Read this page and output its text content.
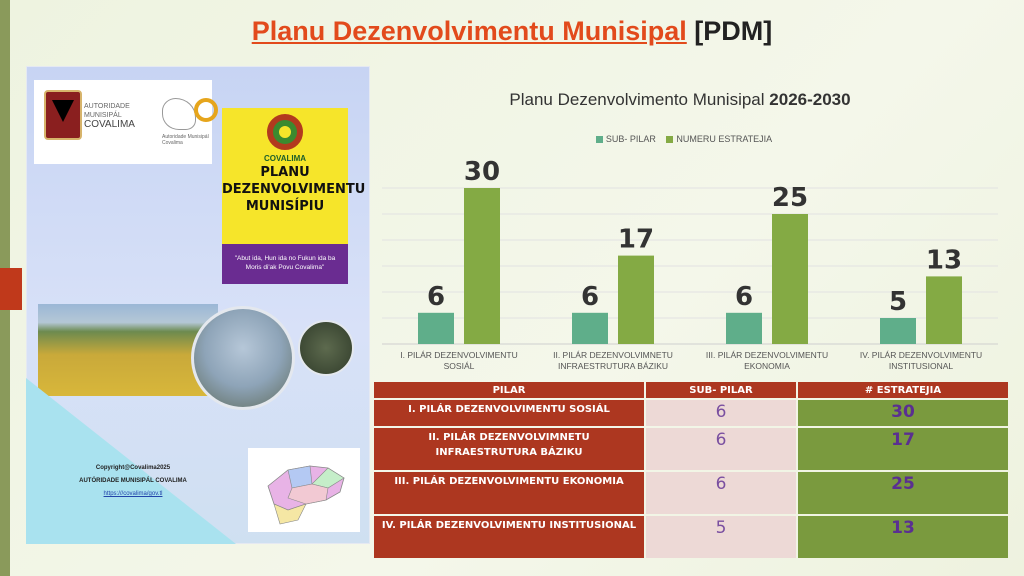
Planu Dezenvolvimentu Munisipal [PDM]
AUTORIDADE
MUNISIPÁL
COVALIMA
Autoridade Munisipál Covalima
COVALIMA
PLANU
DEZENVOLVIMENTU
MUNISÍPIU
"Abut ida, Hun ida no Fukun ida ba Moris di'ak Povu Covalima"
Copyright@Covalima2025
AUTÓRIDADE MUNISIPÁL COVALIMA
https:///covalima/gov.tl
Planu Dezenvolvimento Munisipal 2026-2030
SUB- PILAR NUMERU ESTRATEJIA
6
30
I. PILÁR DEZENVOLVIMENTU
SOSIÁL
6
17
II. PILÁR DEZENVOLVIMNETU
INFRAESTRUTURA BÁZIKU
6
25
III. PILÁR DEZENVOLVIMENTU
EKONOMIA
5
13
IV. PILÁR DEZENVOLVIMENTU
INSTITUSIONAL
PILAR	SUB- PILAR	# ESTRATEJIA
I. PILÁR DEZENVOLVIMENTU SOSIÁL	6	30
II. PILÁR DEZENVOLVIMNETU INFRAESTRUTURA BÁZIKU	6	17
III. PILÁR DEZENVOLVIMENTU EKONOMIA	6	25
IV. PILÁR DEZENVOLVIMENTU INSTITUSIONAL	5	13
